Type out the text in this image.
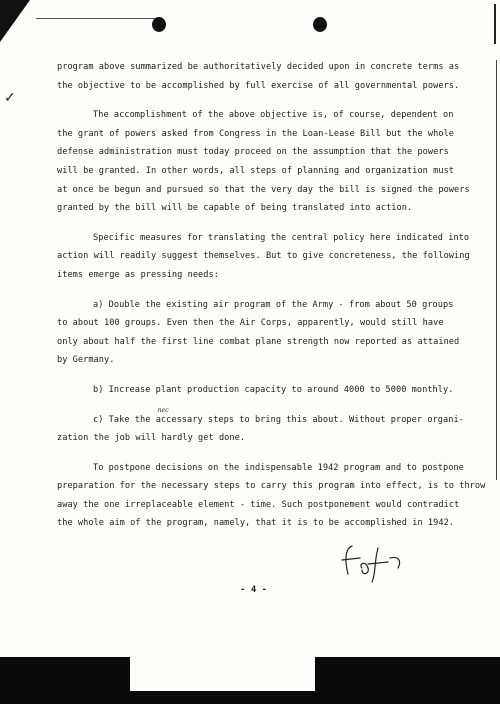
✓

program above summarized be authoritatively decided upon in concrete terms as
the objective to be accomplished by full exercise of all governmental powers.

The accomplishment of the above objective is, of course, dependent on
the grant of powers asked from Congress in the Loan-Lease Bill but the whole
defense administration must today proceed on the assumption that the powers
will be granted. In other words, all steps of planning and organization must
at once be begun and pursued so that the very day the bill is signed the powers
granted by the bill will be capable of being translated into action.

Specific measures for translating the central policy here indicated into
action will readily suggest themselves. But to give concreteness, the following
items emerge as pressing needs:

a) Double the existing air program of the Army - from about 50 groups
to about 100 groups. Even then the Air Corps, apparently, would still have
only about half the first line combat plane strength now reported as attained
by Germany.

b) Increase plant production capacity to around 4000 to 5000 monthly.

c) Take the
nec
accessary steps to bring this about. Without proper organi-
zation the job will hardly get done.

To postpone decisions on the indispensable 1942 program and to postpone
preparation for the necessary steps to carry this program into effect, is to throw
away the one irreplaceable element - time. Such postponement would contradict
the whole aim of the program, namely, that it is to be accomplished in 1942.

- 4 -
